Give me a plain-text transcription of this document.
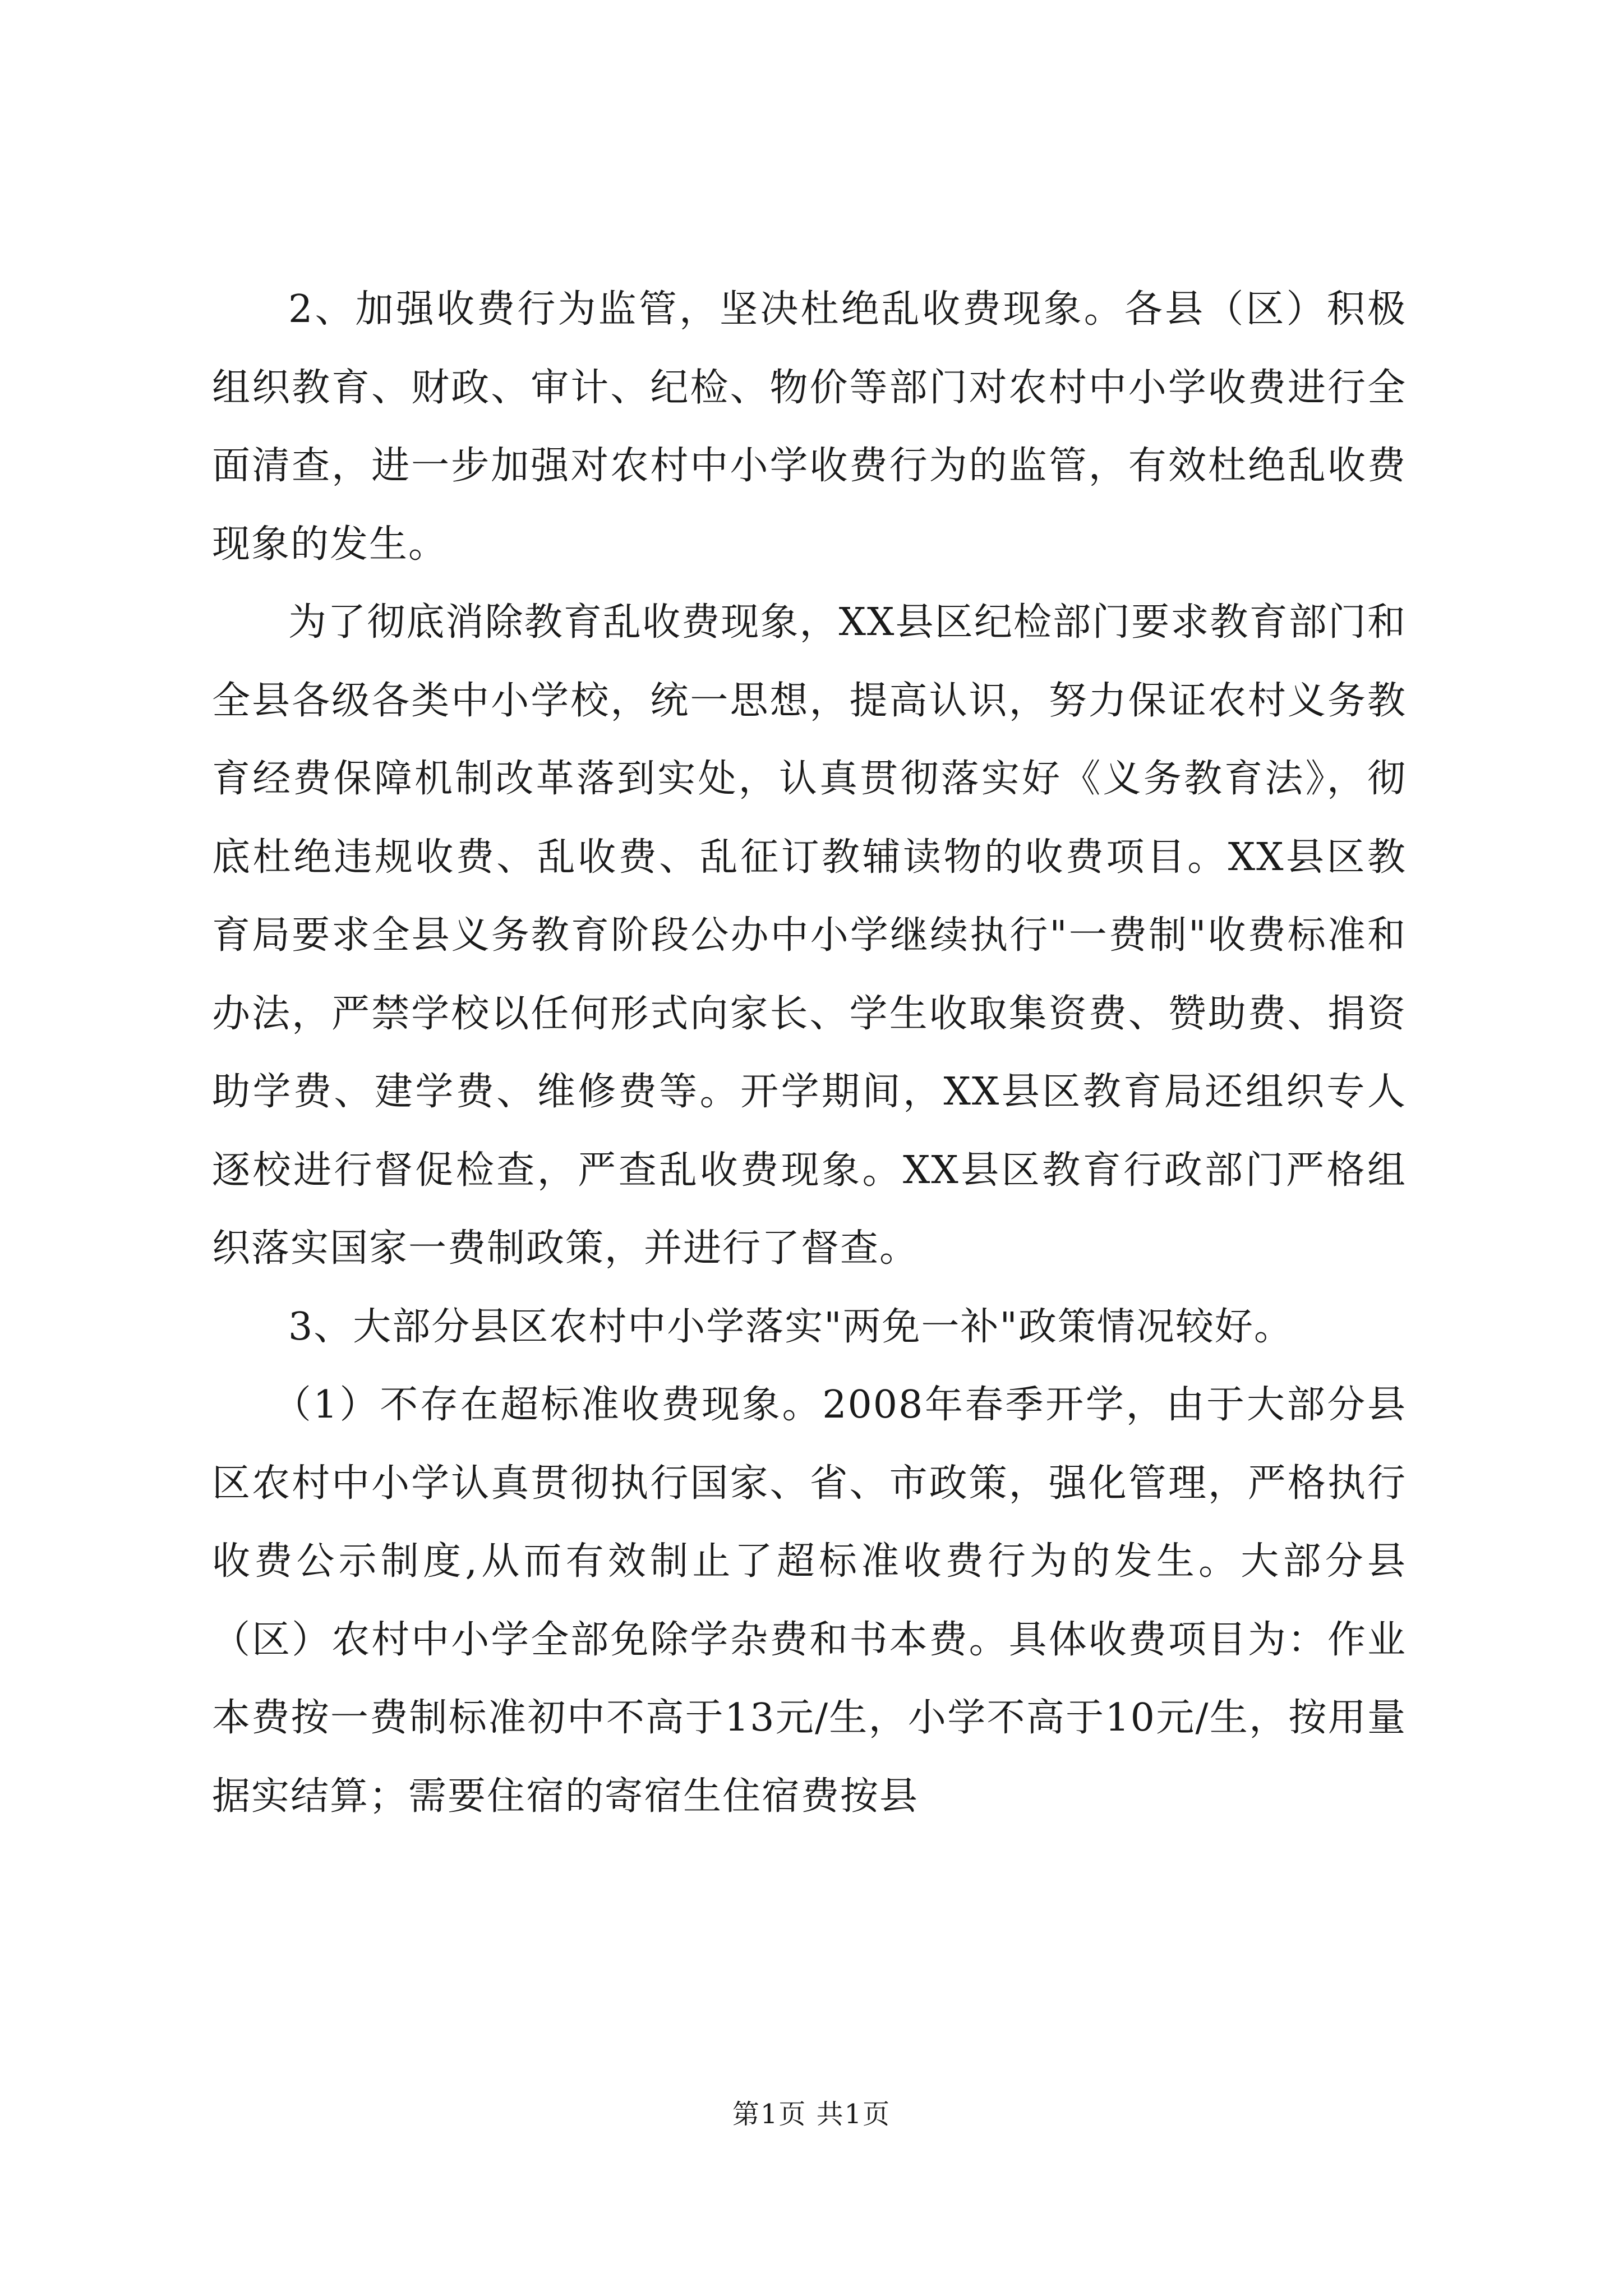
2、加强收费行为监管，坚决杜绝乱收费现象。各县（区）积极组织教育、财政、审计、纪检、物价等部门对农村中小学收费进行全面清查，进一步加强对农村中小学收费行为的监管，有效杜绝乱收费现象的发生。

为了彻底消除教育乱收费现象，XX县区纪检部门要求教育部门和全县各级各类中小学校，统一思想，提高认识，努力保证农村义务教育经费保障机制改革落到实处，认真贯彻落实好《义务教育法》，彻底杜绝违规收费、乱收费、乱征订教辅读物的收费项目。XX县区教育局要求全县义务教育阶段公办中小学继续执行"一费制"收费标准和办法，严禁学校以任何形式向家长、学生收取集资费、赞助费、捐资助学费、建学费、维修费等。开学期间，XX县区教育局还组织专人逐校进行督促检查，严查乱收费现象。XX县区教育行政部门严格组织落实国家一费制政策，并进行了督查。

3、大部分县区农村中小学落实"两免一补"政策情况较好。

（1）不存在超标准收费现象。2008年春季开学，由于大部分县区农村中小学认真贯彻执行国家、省、市政策，强化管理，严格执行收费公示制度,从而有效制止了超标准收费行为的发生。大部分县（区）农村中小学全部免除学杂费和书本费。具体收费项目为：作业本费按一费制标准初中不高于13元/生，小学不高于10元/生，按用量据实结算；需要住宿的寄宿生住宿费按县

第1页 共1页
